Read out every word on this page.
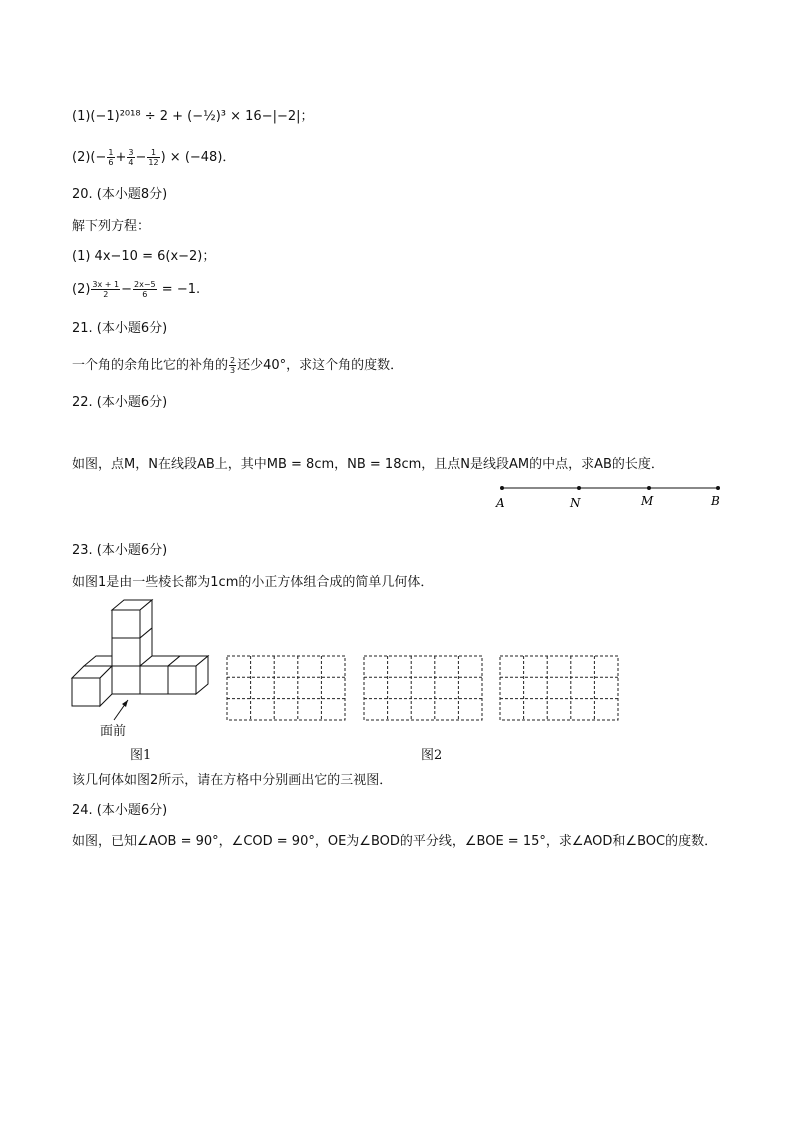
(1)(−1)²⁰¹⁸ ÷ 2 + (−½)³ × 16−|−2|；
$(2)(- \frac{1}{6} + \frac{3}{4} - \frac{1}{12}$ ) × (−48)．
20. (本小题8分)
解下列方程：
(1) 4x−10 = 6(x−2)；
$(2) \frac{3x + 1}{2} - \frac{2x-5}{6} = -1$.
21. (本小题6分)
一个角的余角比它的补角的 $\frac{2}{3}$ 还少40°，求这个角的度数．
22. (本小题6分)
如图，点M，N在线段AB上，其中MB = 8cm，NB = 18cm，且点N是线段AM的中点，求AB的长度．
A	N	M	B
23. (本小题6分)
如图1是由一些棱长都为1cm的小正方体组合成的简单几何体．
面前
图1	图2
该几何体如图2所示，请在方格中分别画出它的三视图．
24. (本小题6分)
如图，已知∠AOB = 90°，∠COD = 90°，OE为∠BOD的平分线，∠BOE = 15°，求∠AOD和∠BOC的度数．
